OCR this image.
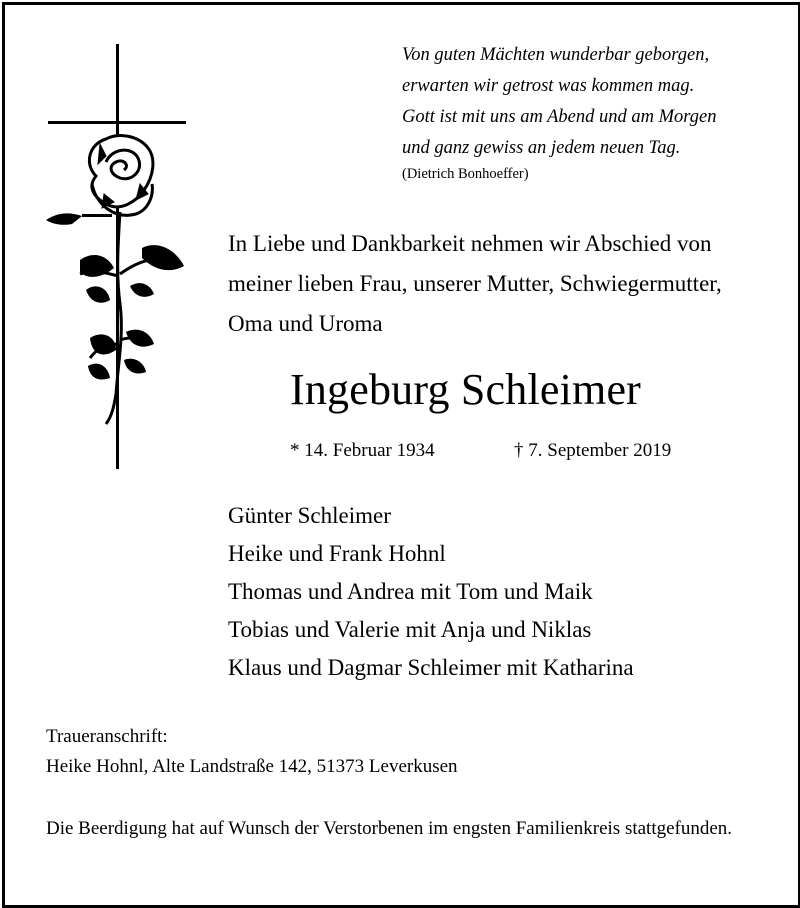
Von guten Mächten wunderbar geborgen,
erwarten wir getrost was kommen mag.
Gott ist mit uns am Abend und am Morgen
und ganz gewiss an jedem neuen Tag.
(Dietrich Bonhoeffer)
In Liebe und Dankbarkeit nehmen wir Abschied von
meiner lieben Frau, unserer Mutter, Schwiegermutter,
Oma und Uroma
Ingeburg Schleimer
* 14. Februar 1934	† 7. September 2019
Günter Schleimer
Heike und Frank Hohnl
Thomas und Andrea mit Tom und Maik
Tobias und Valerie mit Anja und Niklas
Klaus und Dagmar Schleimer mit Katharina
Traueranschrift:
Heike Hohnl, Alte Landstraße 142, 51373 Leverkusen
Die Beerdigung hat auf Wunsch der Verstorbenen im engsten Familienkreis stattgefunden.
